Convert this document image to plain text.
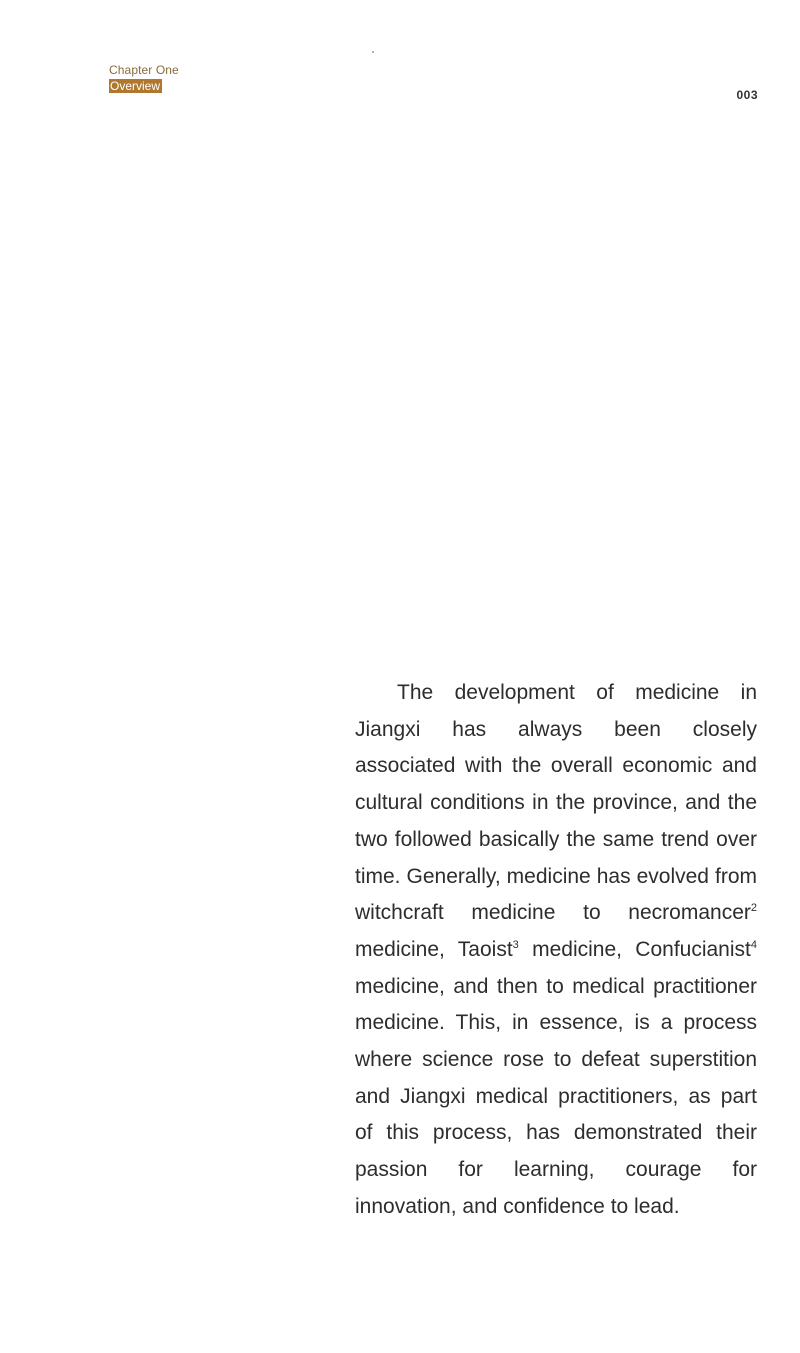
Chapter One
Overview
003

The development of medicine in Jiangxi has always been closely associated with the overall economic and cultural conditions in the province, and the two followed basically the same trend over time. Generally, medicine has evolved from witchcraft medicine to necromancer$^2$ medicine, Taoist$^3$ medicine, Confucianist$^4$ medicine, and then to medical practitioner medicine. This, in essence, is a process where science rose to defeat superstition and Jiangxi medical practitioners, as part of this process, has demonstrated their passion for learning, courage for innovation, and confidence to lead.
